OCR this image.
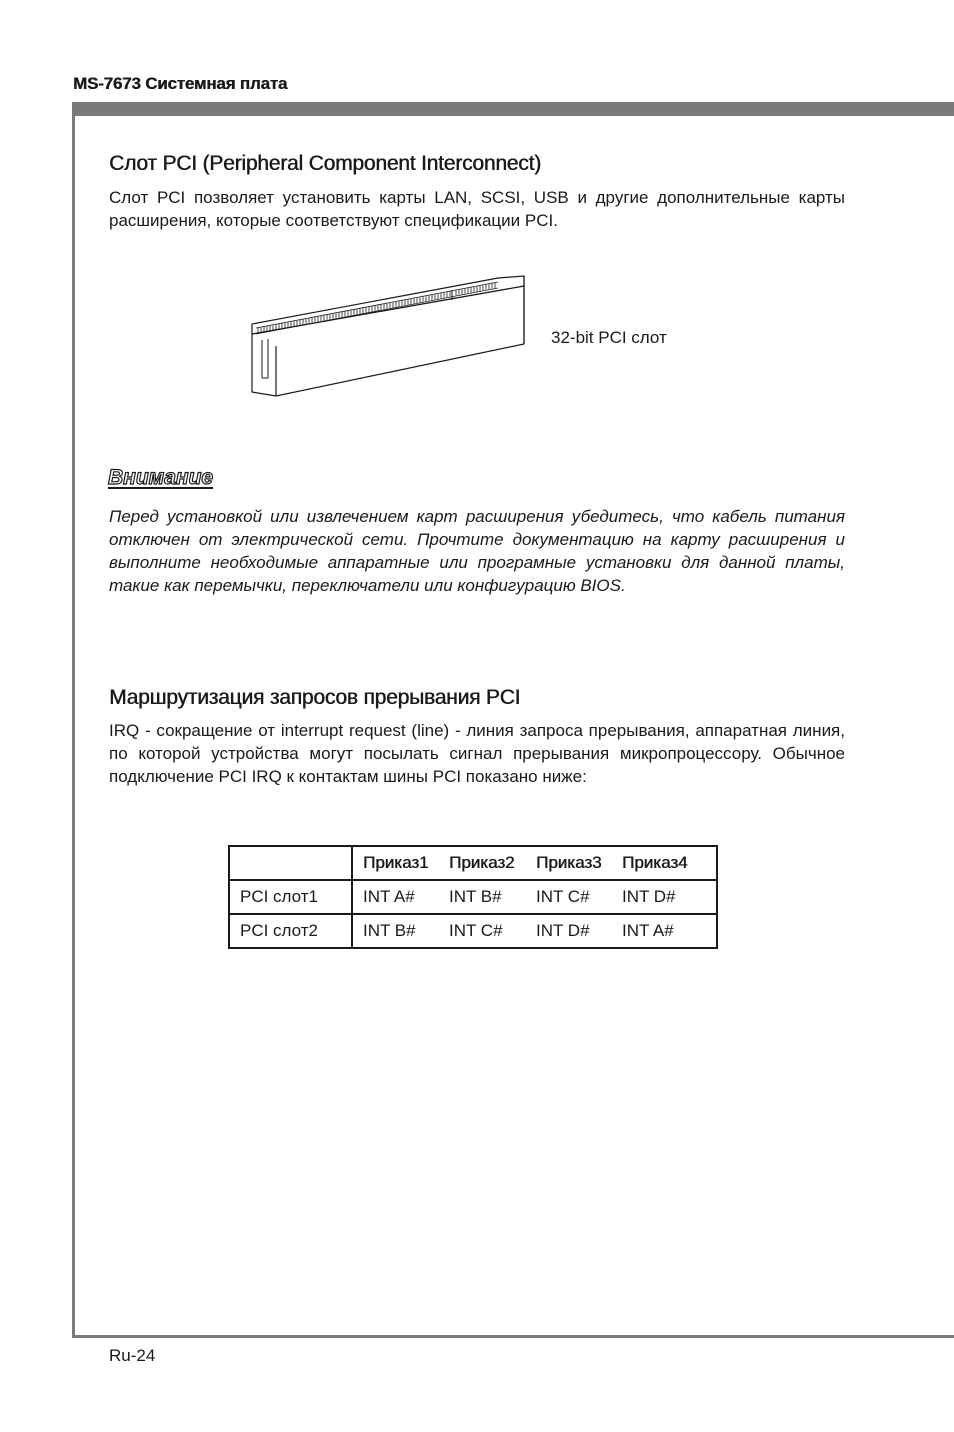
MS-7673 Системная плата
Слот PCI (Peripheral Component Interconnect)
Слот PCI позволяет установить карты LAN, SCSI, USB и другие дополнительные карты расширения, которые соответствуют спецификации PCI.
32-bit PCI слот
Внимание
Перед установкой или извлечением карт расширения убедитесь, что кабель питания отключен от электрической сети. Прочтите документацию на карту расширения и выполните необходимые аппаратные или програмные установки для данной платы, такие как перемычки, переключатели или конфигурацию BIOS.
Маршрутизация запросов прерывания PCI
IRQ - сокращение от interrupt request (line) - линия запроса прерывания, аппаратная линия, по которой устройства могут посылать сигнал прерывания микропроцессору. Обычное подключение PCI IRQ к контактам шины PCI показано ниже:
	Приказ1	Приказ2	Приказ3	Приказ4
PCI слот1	INT A#	INT B#	INT C#	INT D#
PCI слот2	INT B#	INT C#	INT D#	INT A#
Ru-24
